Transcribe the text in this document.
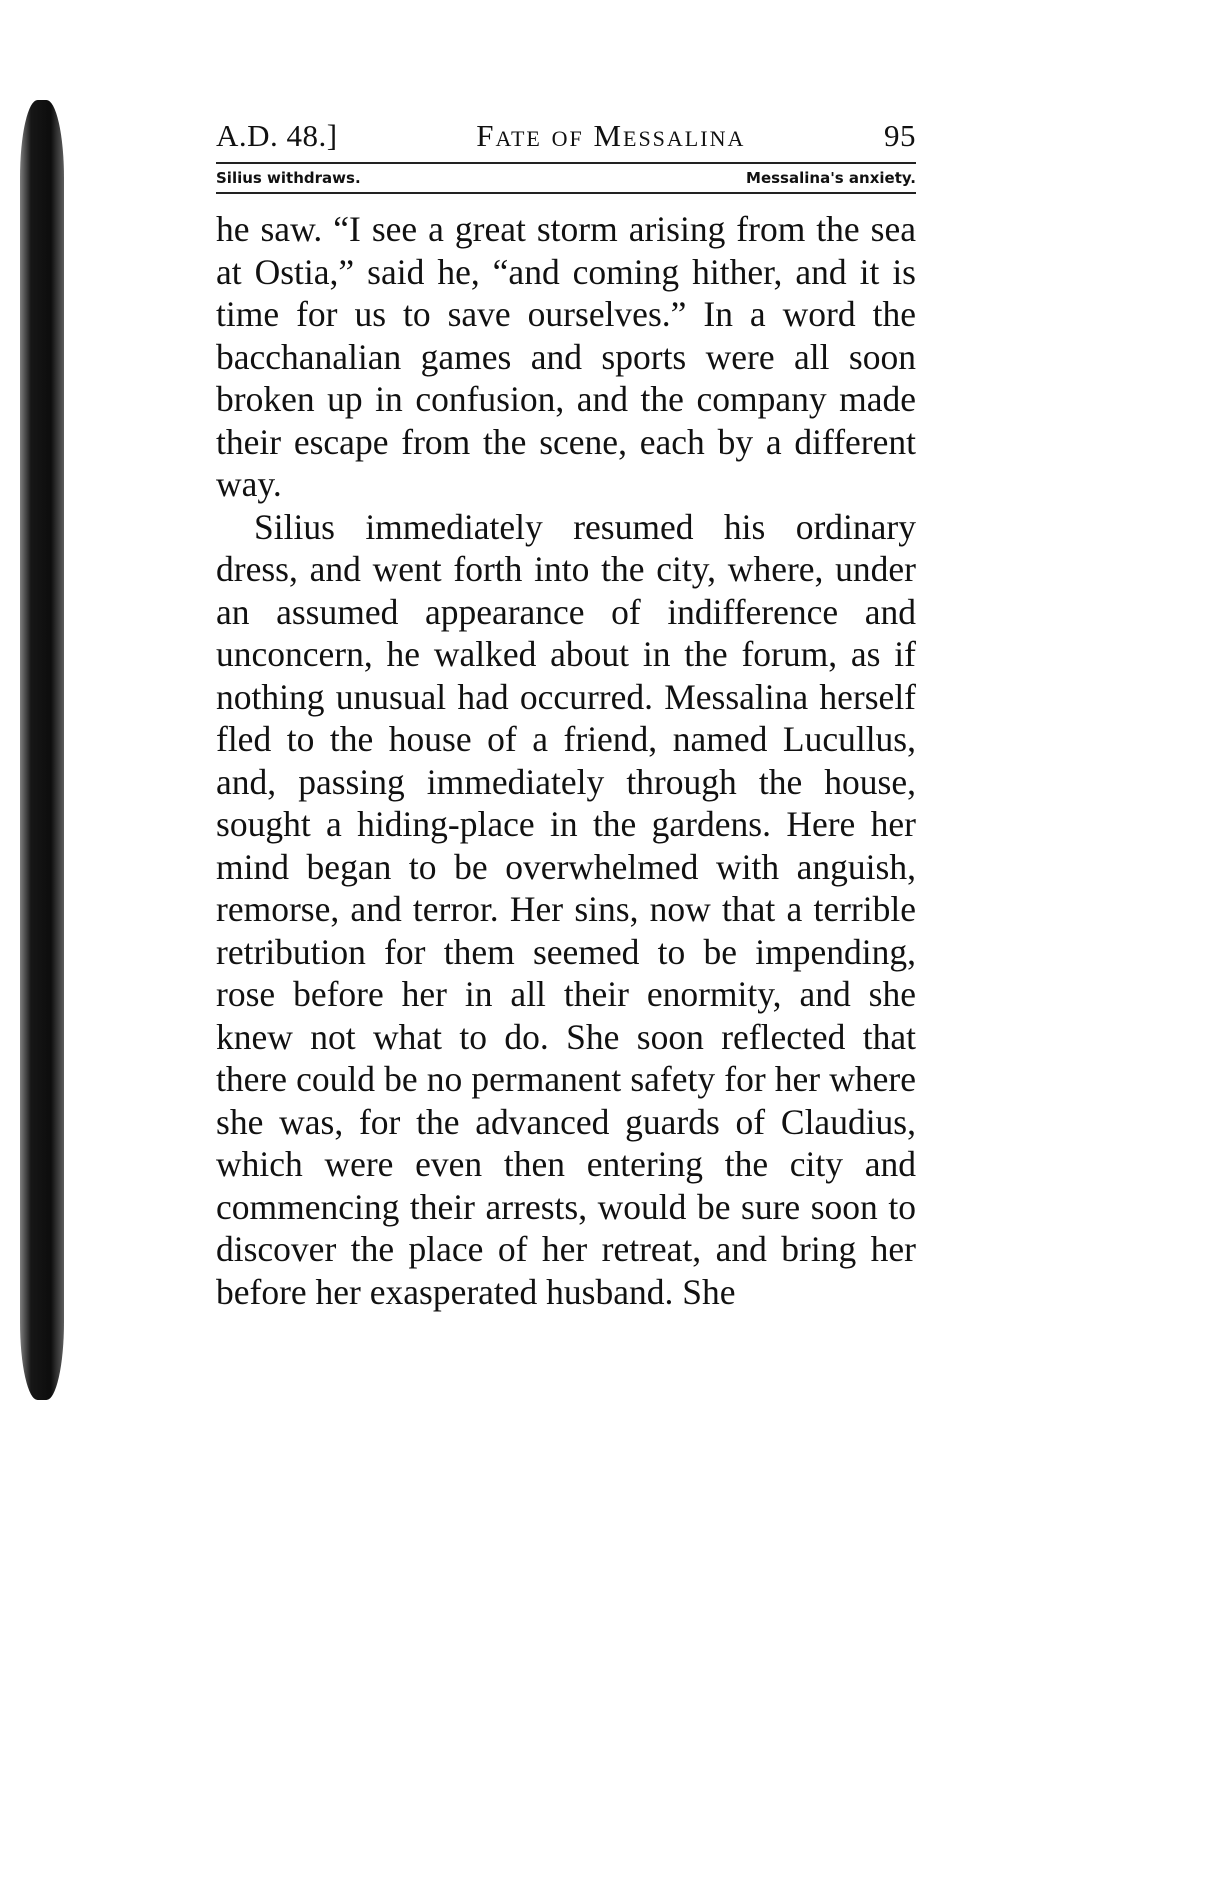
A.D. 48.]	Fate of Messalina	95
Silius withdraws.	Messalina's anxiety.

he saw. “I see a great storm arising from the sea at Ostia,” said he, “and coming hither, and it is time for us to save ourselves.” In a word the bacchanalian games and sports were all soon broken up in confusion, and the company made their escape from the scene, each by a different way.

Silius immediately resumed his ordinary dress, and went forth into the city, where, under an assumed appearance of indifference and unconcern, he walked about in the forum, as if nothing unusual had occurred. Messalina herself fled to the house of a friend, named Lucullus, and, passing immediately through the house, sought a hiding-place in the gardens. Here her mind began to be overwhelmed with anguish, remorse, and terror. Her sins, now that a terrible retribution for them seemed to be impending, rose before her in all their enormity, and she knew not what to do. She soon reflected that there could be no permanent safety for her where she was, for the advanced guards of Claudius, which were even then entering the city and commencing their arrests, would be sure soon to discover the place of her retreat, and bring her before her exasperated husband. She
